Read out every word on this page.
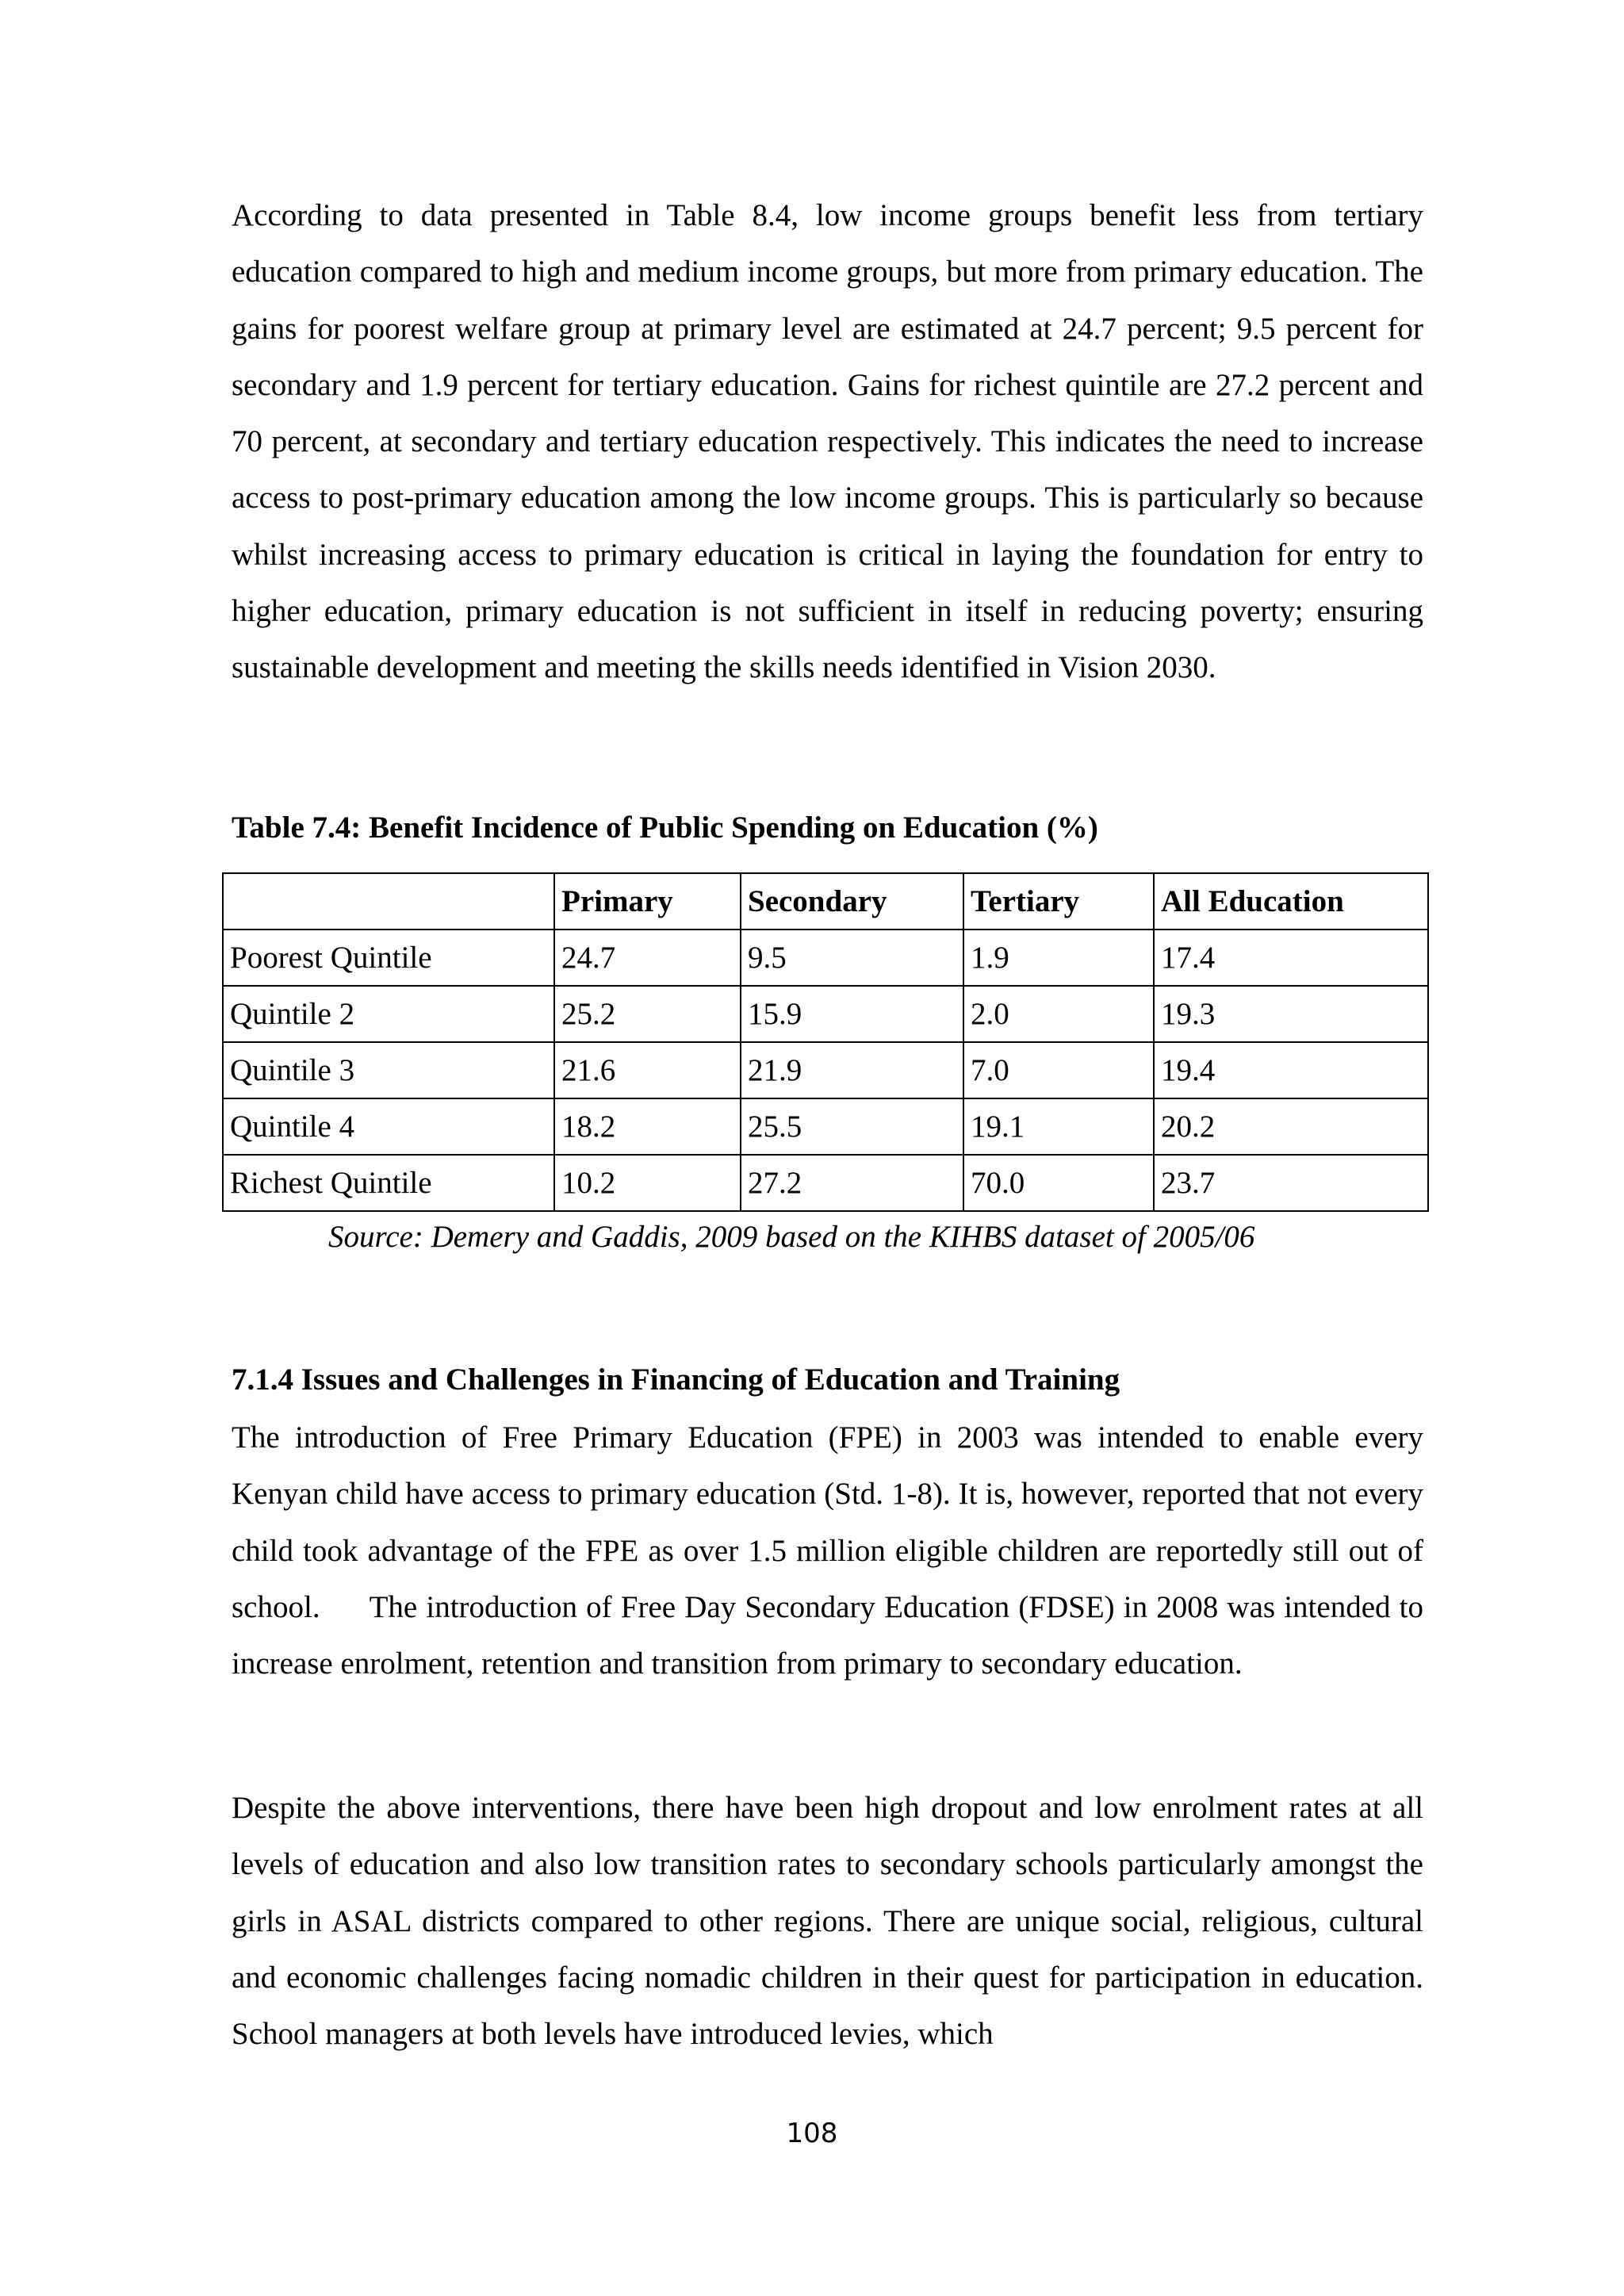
According to data presented in Table 8.4, low income groups benefit less from tertiary education compared to high and medium income groups, but more from primary education. The gains for poorest welfare group at primary level are estimated at 24.7 percent; 9.5 percent for secondary and 1.9 percent for tertiary education. Gains for richest quintile are 27.2 percent and 70 percent, at secondary and tertiary education respectively. This indicates the need to increase access to post-primary education among the low income groups. This is particularly so because whilst increasing access to primary education is critical in laying the foundation for entry to higher education, primary education is not sufficient in itself in reducing poverty; ensuring sustainable development and meeting the skills needs identified in Vision 2030.

Table 7.4: Benefit Incidence of Public Spending on Education (%)

	Primary	Secondary	Tertiary	All Education
Poorest Quintile	24.7	9.5	1.9	17.4
Quintile 2	25.2	15.9	2.0	19.3
Quintile 3	21.6	21.9	7.0	19.4
Quintile 4	18.2	25.5	19.1	20.2
Richest Quintile	10.2	27.2	70.0	23.7

Source: Demery and Gaddis, 2009 based on the KIHBS dataset of 2005/06

7.1.4 Issues and Challenges in Financing of Education and Training

The introduction of Free Primary Education (FPE) in 2003 was intended to enable every Kenyan child have access to primary education (Std. 1-8). It is, however, reported that not every child took advantage of the FPE as over 1.5 million eligible children are reportedly still out of school. The introduction of Free Day Secondary Education (FDSE) in 2008 was intended to increase enrolment, retention and transition from primary to secondary education.

Despite the above interventions, there have been high dropout and low enrolment rates at all levels of education and also low transition rates to secondary schools particularly amongst the girls in ASAL districts compared to other regions. There are unique social, religious, cultural and economic challenges facing nomadic children in their quest for participation in education. School managers at both levels have introduced levies, which

108
